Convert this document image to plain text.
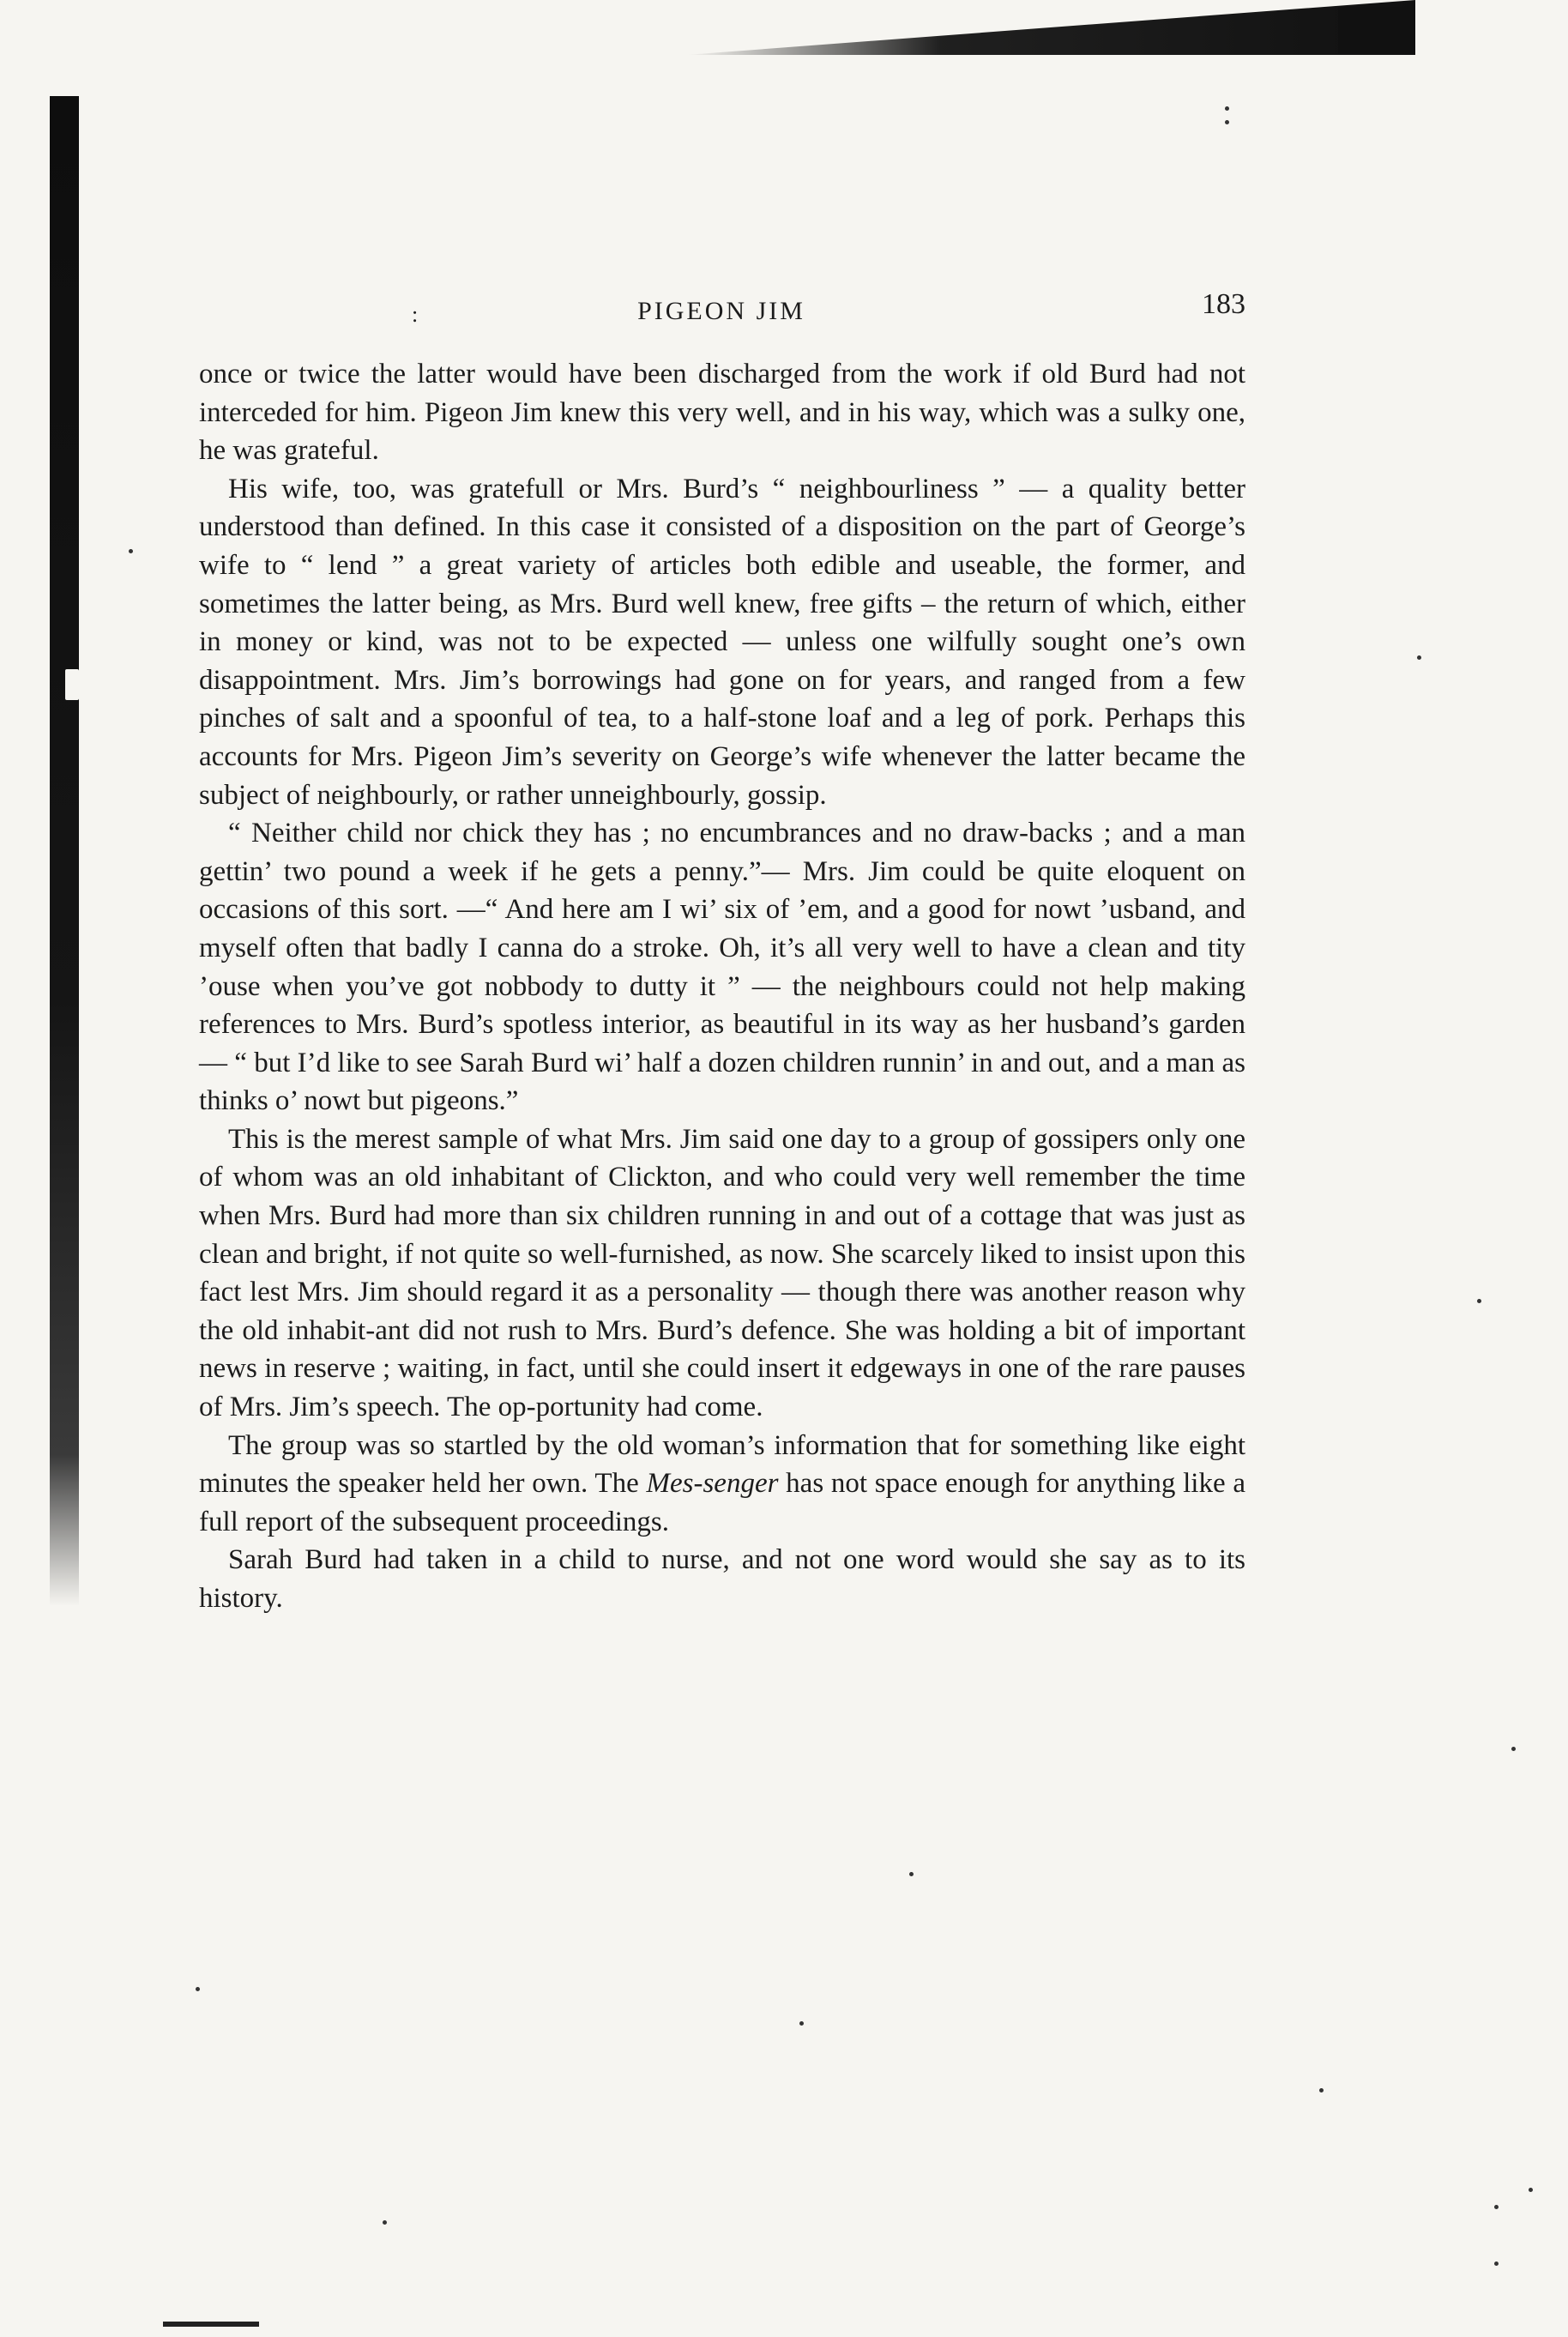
:	PIGEON JIM	183

once or twice the latter would have been discharged from the work if old Burd had not interceded for him. Pigeon Jim knew this very well, and in his way, which was a sulky one, he was grateful.

His wife, too, was gratefull or Mrs. Burd’s “ neighbourliness ” — a quality better understood than defined. In this case it consisted of a disposition on the part of George’s wife to “ lend ” a great variety of articles both edible and useable, the former, and sometimes the latter being, as Mrs. Burd well knew, free gifts – the return of which, either in money or kind, was not to be expected — unless one wilfully sought one’s own disappointment. Mrs. Jim’s borrowings had gone on for years, and ranged from a few pinches of salt and a spoonful of tea, to a half-stone loaf and a leg of pork. Perhaps this accounts for Mrs. Pigeon Jim’s severity on George’s wife whenever the latter became the subject of neighbourly, or rather unneighbourly, gossip.

“ Neither child nor chick they has ; no encumbrances and no draw-backs ; and a man gettin’ two pound a week if he gets a penny.”— Mrs. Jim could be quite eloquent on occasions of this sort. —“ And here am I wi’ six of ’em, and a good for nowt ’usband, and myself often that badly I canna do a stroke. Oh, it’s all very well to have a clean and tity ’ouse when you’ve got nobbody to dutty it ” — the neighbours could not help making references to Mrs. Burd’s spotless interior, as beautiful in its way as her husband’s garden — “ but I’d like to see Sarah Burd wi’ half a dozen children runnin’ in and out, and a man as thinks o’ nowt but pigeons.”

This is the merest sample of what Mrs. Jim said one day to a group of gossipers only one of whom was an old inhabitant of Clickton, and who could very well remember the time when Mrs. Burd had more than six children running in and out of a cottage that was just as clean and bright, if not quite so well-furnished, as now. She scarcely liked to insist upon this fact lest Mrs. Jim should regard it as a personality — though there was another reason why the old inhabit-ant did not rush to Mrs. Burd’s defence. She was holding a bit of important news in reserve ; waiting, in fact, until she could insert it edgeways in one of the rare pauses of Mrs. Jim’s speech. The op-portunity had come.

The group was so startled by the old woman’s information that for something like eight minutes the speaker held her own. The Mes-senger has not space enough for anything like a full report of the subsequent proceedings.

Sarah Burd had taken in a child to nurse, and not one word would she say as to its history.
